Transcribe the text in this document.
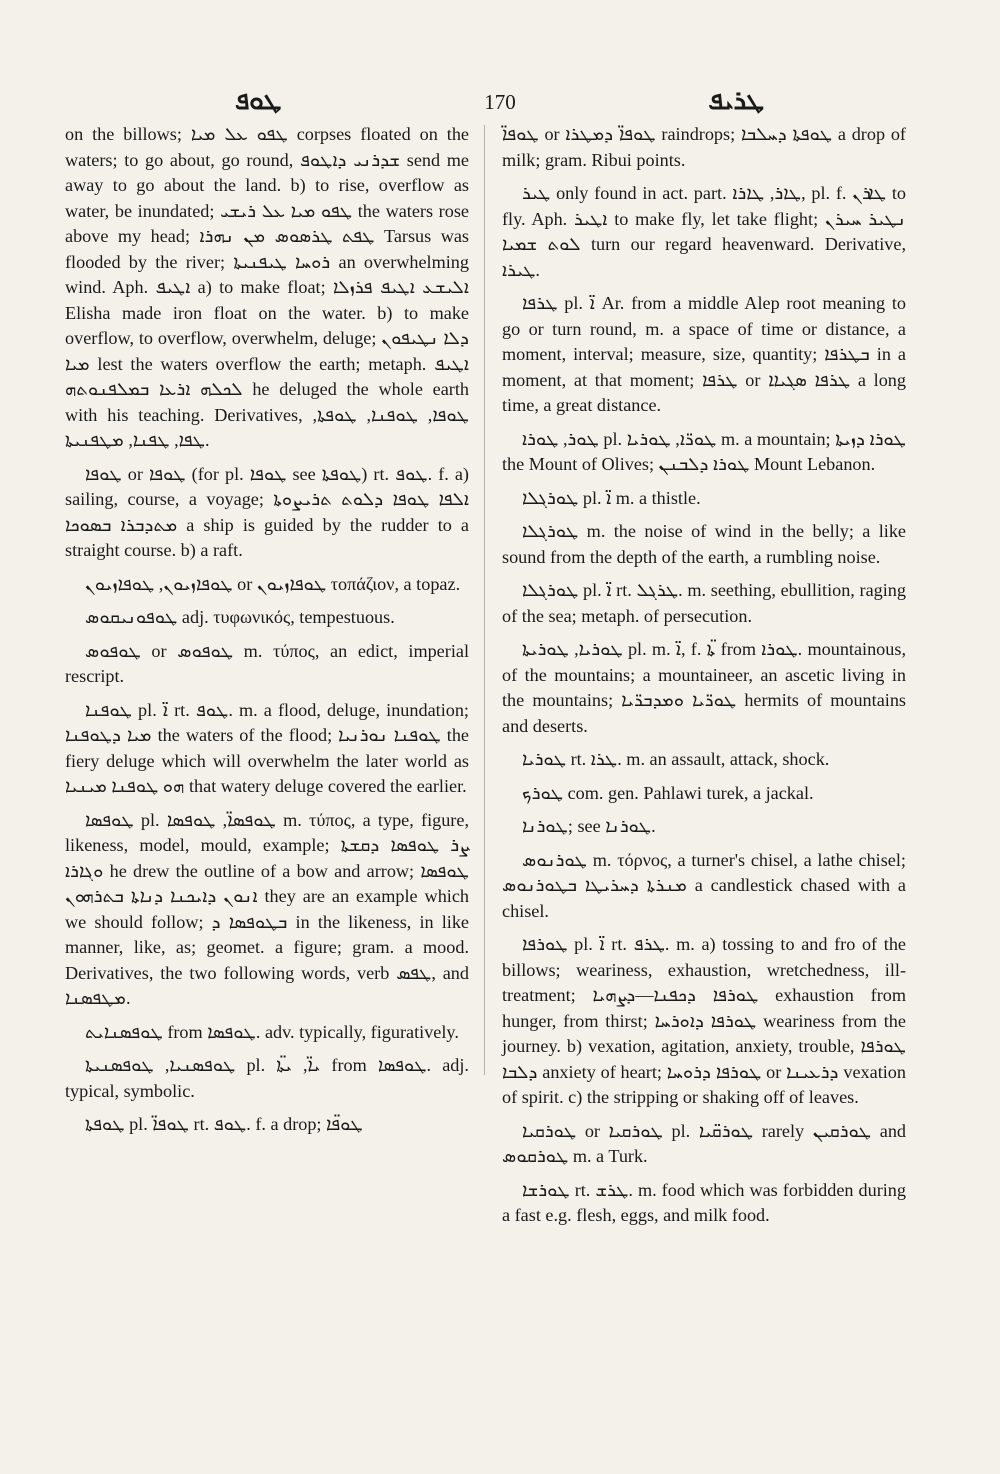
ܛܘܦ	170	ܛܪܝܦ

on the billows; ܛܦܘ ܥܠ ܡܝܐ corpses floated on the waters; to go about, go round, ܫܕܪܢܝ ܕܐܛܘܦ send me away to go about the land. b) to rise, overflow as water, be inundated; ܛܦܘ ܡܝܐ ܥܠ ܪܝܫܝ the waters rose above my head; ܛܦܬ ܛܪܣܘܣ ܡܢ ܢܗܪܐ Tarsus was flooded by the river; ܪܘܚܐ ܛܝܦܢܝܬܐ an overwhelming wind. Aph. ܐܛܝܦ a) to make float; ܐܠܝܫܥ ܐܛܝܦ ܦܪܙܠܐ Elisha made iron float on the water. b) to make overflow, to overflow, overwhelm, deluge; ܕܠܐ ܢܛܝܦܘܢ ܡܝܐ lest the waters overflow the earth; metaph. ܐܛܝܦ ܠܟܠܗ ܐܪܥܐ ܒܡܠܦܢܘܬܗ he deluged the whole earth with his teaching. Derivatives, ܛܘܦܐ, ܛܘܦܢܐ, ܛܘܦܬܐ, ܛܦܐ, ܛܦܢܐ, ܡܛܦܢܝܬܐ.

ܛܘܦܐ or ܛܘܦܐ (for pl. ܛܘܦܐ see ܛܘܦܬܐ) rt. ܛܘܦ. f. a) sailing, course, a voyage; ܐܠܦܐ ܛܘܦܐ ܕܠܘܬ ܬܪܝܨܘܬܐ ܡܬܕܒܪܐ ܒܣܘܟܐ a ship is guided by the rudder to a straight course. b) a raft.

ܛܘܦܐܙܝܘܢ, ܛܘܦܐܙܝܘܢ or ܛܘܦܐܙܝܘܢ τοπάζιον, a topaz.

ܛܘܦܘܢܝܩܘܣ adj. τυφωνικός, tempestuous.

ܛܘܦܘܣ or ܛܘܦܘܣ m. τύπος, an edict, imperial rescript.

ܛܘܦܢܐ pl. ܐ̈ rt. ܛܘܦ. m. a flood, deluge, inundation; ܡܝܐ ܕܛܘܦܢܐ the waters of the flood; ܛܘܦܢܐ ܢܘܪܢܝܐ the fiery deluge which will overwhelm the later world as ܗܘ ܛܘܦܢܐ ܡܝܢܝܐ that watery deluge covered the earlier.

ܛܘܦܣܐ pl. ܛܘܦܣܐ̈, ܛܘܦܣܐ m. τύπος, a type, figure, likeness, model, mould, example; ܨܪ ܛܘܦܣܐ ܕܩܫܬܐ ܘܓܐܪܐ he drew the outline of a bow and arrow; ܛܘܦܣܐ ܐܢܘܢ ܕܐܝܟܢܐ ܕܢܐܬܐ ܒܬܪܗܘܢ they are an example which we should follow; ܒܛܘܦܣܐ ܕ in the likeness, in like manner, like, as; geomet. a figure; gram. a mood. Derivatives, the two following words, verb ܛܦܣ, and ܡܛܦܣܢܐ.

ܛܘܦܣܢܐܝܬ from ܛܘܦܣܐ. adv. typically, figuratively.

ܛܘܦܣܢܝܐ, ܛܘܦܣܢܝܬܐ pl. ܝܐ̈, ܝܬܐ̈ from ܛܘܦܣܐ. adj. typical, symbolic.

ܛܘܦܬܐ pl. ܛܘܦܐ̈ rt. ܛܘܦ. f. a drop; ܛܘܦ̈ܐ

ܛܘܦܐ̈ or ܛܘܦܐ̈ ܕܡܛܪܐ raindrops; ܛܘܦܬܐ ܕܚܠܒܐ a drop of milk; gram. Ribui points.

ܛܝܪ only found in act. part. ܛܐܪ, ܛܐܪܐ, pl. f. ܛܐܪܢ to fly. Aph. ܐܛܝܪ to make fly, let take flight; ܢܛܝܪ ܚܝܪܢ ܠܘܬ ܫܡܝܐ turn our regard heavenward. Derivative, ܛܝܪܐ.

ܛܪܦܐ pl. ܐ̈ Ar. from a middle Alep root meaning to go or turn round, m. a space of time or distance, a moment, interval; measure, size, quantity; ܒܛܪܦܐ in a moment, at that moment; ܛܪܦܐ or ܛܪܦܐ ܣܓܝܐܐ a long time, a great distance.

ܛܘܪ, ܛܘܪܐ pl. ܛܘܪ̈ܐ, ܛܘܪܝܐ m. a mountain; ܛܘܪܐ ܕܙܝܬܐ the Mount of Olives; ܛܘܪܐ ܕܠܒܢܢ Mount Lebanon.

ܛܘܪܓܠܐ pl. ܐ̈ m. a thistle.

ܛܘܪܓܠܐ m. the noise of wind in the belly; a like sound from the depth of the earth, a rumbling noise.

ܛܘܪܓܠܐ pl. ܐ̈ rt. ܛܪܓܠ. m. seething, ebullition, raging of the sea; metaph. of persecution.

ܛܘܪܝܐ, ܛܘܪܝܬܐ pl. m. ܐ̈, f. ܬܐ̈ from ܛܘܪܐ. mountainous, of the mountains; a mountaineer, an ascetic living in the mountains; ܛܘܪ̈ܝܐ ܘܡܕܒܪ̈ܝܐ hermits of mountains and deserts.

ܛܘܪܝܐ rt. ܛܪܐ. m. an assault, attack, shock.

ܛܘܪܟ com. gen. Pahlawi turek, a jackal.

ܛܘܪܢܐ; see ܛܘܪܢܐ.

ܛܘܪܢܘܣ m. τόρνος, a turner's chisel, a lathe chisel; ܡܢܪܬܐ ܕܚܪܝܛܐ ܒܛܘܪܢܘܣ a candlestick chased with a chisel.

ܛܘܪܦܐ pl. ܐ̈ rt. ܛܪܦ. m. a) tossing to and fro of the billows; weariness, exhaustion, wretchedness, ill-treatment; ܛܘܪܦܐ ܕܟܦܢܐ—ܕܨܗܝܐ exhaustion from hunger, from thirst; ܛܘܪܦܐ ܕܐܘܪܚܐ weariness from the journey. b) vexation, agitation, anxiety, trouble, ܛܘܪܦܐ ܕܠܒܐ anxiety of heart; ܛܘܪܦܐ ܕܪܘܚܐ or ܕܪܥܝܢܐ vexation of spirit. c) the stripping or shaking off of leaves.

ܛܘܪܩܝܐ or ܛܘܪܩܝܐ pl. ܛܘܪܩ̈ܝܐ rarely ܛܘܪܩܝܢ and ܛܘܪܩܘܣ m. a Turk.

ܛܘܪܫܐ rt. ܛܪܫ. m. food which was forbidden during a fast e.g. flesh, eggs, and milk food.
